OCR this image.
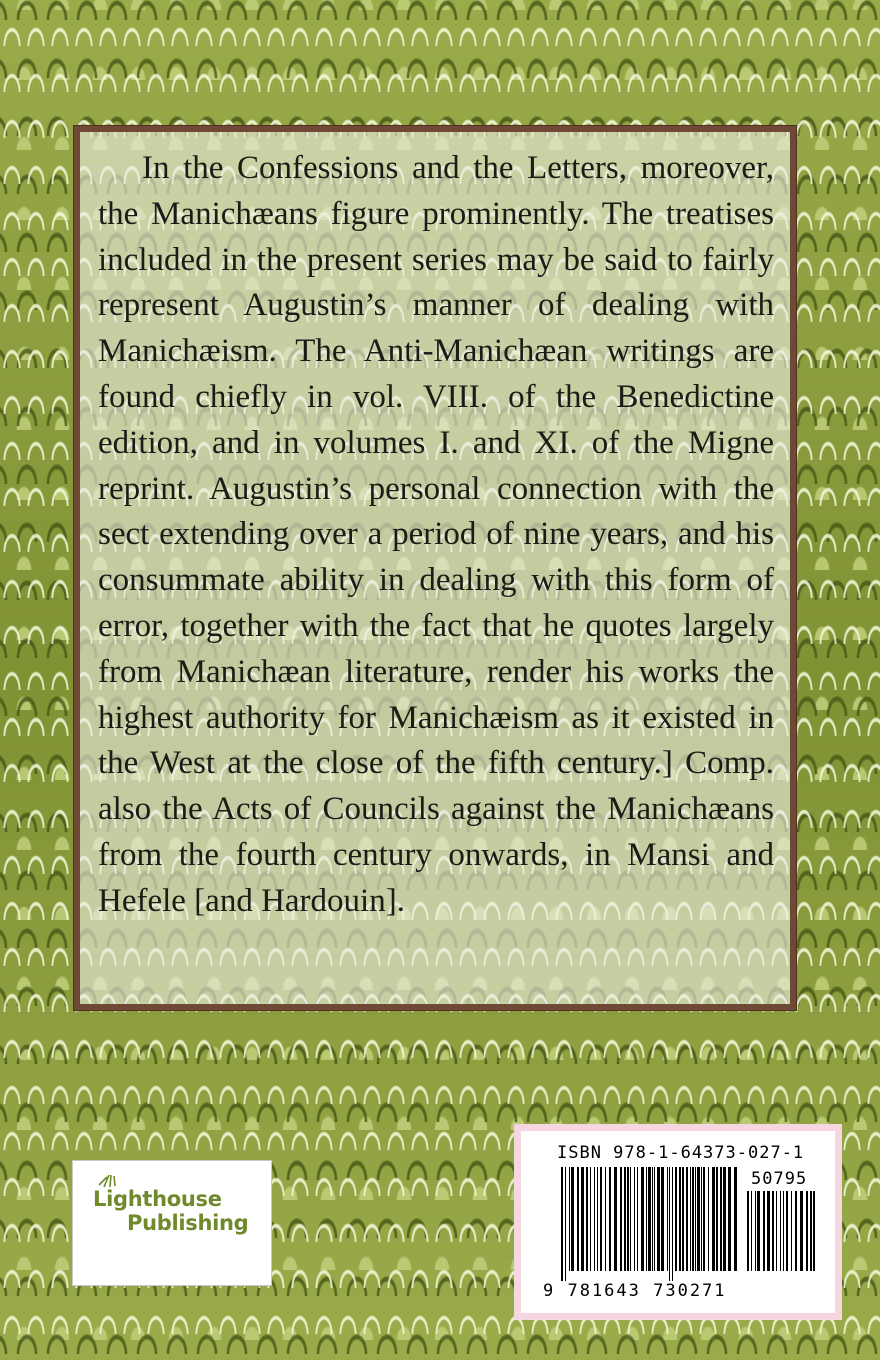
In the Confessions and the Letters, moreover, the Manichæans figure prominently. The treatises included in the present series may be said to fairly represent Augustin’s manner of dealing with Manichæism. The Anti-Manichæan writings are found chiefly in vol. VIII. of the Benedictine edition, and in volumes I. and XI. of the Migne reprint. Augustin’s personal connection with the sect extending over a period of nine years, and his consummate ability in dealing with this form of error, together with the fact that he quotes largely from Manichæan literature, render his works the highest authority for Manichæism as it existed in the West at the close of the fifth century.] Comp. also the Acts of Councils against the Manichæans from the fourth century onwards, in Mansi and Hefele [and Hardouin].

Lighthouse
Publishing
ISBN 978-1-64373-027-1
50795
9 781643 730271
